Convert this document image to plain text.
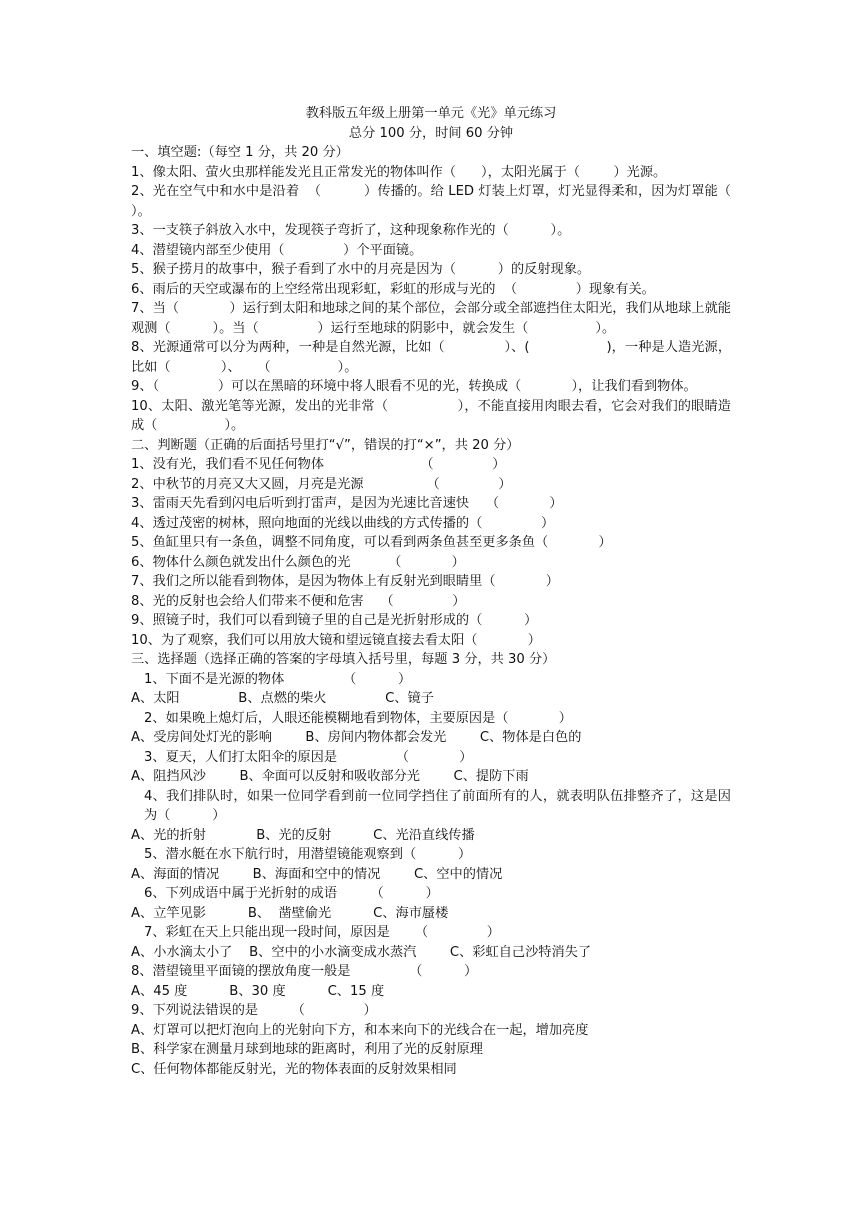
教科版五年级上册第一单元《光》单元练习
总分 100 分，时间 60 分钟
一、填空题:（每空 1 分，共 20 分）
1、像太阳、萤火虫那样能发光且正常发光的物体叫作（      ），太阳光属于（        ）光源。
2、光在空气中和水中是沿着  （          ）传播的。给 LED 灯装上灯罩，灯光显得柔和，因为灯罩能（                    ）。
3、一支筷子斜放入水中，发现筷子弯折了，这种现象称作光的（          ）。
4、潜望镜内部至少使用（              ）个平面镜。
5、猴子捞月的故事中，猴子看到了水中的月亮是因为（          ）的反射现象。
6、雨后的天空或瀑布的上空经常出现彩虹，彩虹的形成与光的  （              ）现象有关。
7、当（            ）运行到太阳和地球之间的某个部位，会部分或全部遮挡住太阳光，我们从地球上就能观测（          ）。当（              ）运行至地球的阴影中，就会发生（                ）。
8、光源通常可以分为两种，一种是自然光源，比如（              ）、(                  )，一种是人造光源，比如（            ）、    （                ）。
9、（              ）可以在黑暗的环境中将人眼看不见的光，转换成（            ），让我们看到物体。
10、太阳、激光笔等光源，发出的光非常（                ），不能直接用肉眼去看，它会对我们的眼睛造成（                ）。
二、判断题（正确的后面括号里打“√”，错误的打“×”，共 20 分）
1、没有光，我们看不见任何物体                       （              ）
2、中秋节的月亮又大又圆，月亮是光源               （              ）
3、雷雨天先看到闪电后听到打雷声，是因为光速比音速快    （            ）
4、透过茂密的树林，照向地面的光线以曲线的方式传播的（              ）
5、鱼缸里只有一条鱼，调整不同角度，可以看到两条鱼甚至更多条鱼（            ）
6、物体什么颜色就发出什么颜色的光         （            ）
7、我们之所以能看到物体，是因为物体上有反射光到眼睛里（            ）
8、光的反射也会给人们带来不便和危害    （              ）
9、照镜子时，我们可以看到镜子里的自己是光折射形成的（          ）
10、为了观察，我们可以用放大镜和望远镜直接去看太阳（            ）
三、选择题（选择正确的答案的字母填入括号里，每题 3 分，共 30 分）
1、下面不是光源的物体              （          ）
A、太阳              B、点燃的柴火              C、镜子
2、如果晚上熄灯后，人眼还能模糊地看到物体，主要原因是（            ）
A、受房间处灯光的影响        B、房间内物体都会发光        C、物体是白色的
3、夏天，人们打太阳伞的原因是              （            ）
A、阻挡风沙        B、伞面可以反射和吸收部分光        C、提防下雨
4、我们排队时，如果一位同学看到前一位同学挡住了前面所有的人，就表明队伍排整齐了，这是因为（          ）
A、光的折射            B、光的反射          C、光沿直线传播
5、潜水艇在水下航行时，用潜望镜能观察到（          ）
A、海面的情况        B、海面和空中的情况        C、空中的情况
6、下列成语中属于光折射的成语        （          ）
A、立竿见影          B、  凿壁偷光          C、海市蜃楼
7、彩虹在天上只能出现一段时间，原因是      （              ）
A、小水滴太小了    B、空中的小水滴变成水蒸汽        C、彩虹自己沙特消失了
8、潜望镜里平面镜的摆放角度一般是              （          ）
A、45 度          B、30 度          C、15 度
9、下列说法错误的是        （              ）
A、灯罩可以把灯泡向上的光射向下方，和本来向下的光线合在一起，增加亮度
B、科学家在测量月球到地球的距离时，利用了光的反射原理
C、任何物体都能反射光，光的物体表面的反射效果相同
